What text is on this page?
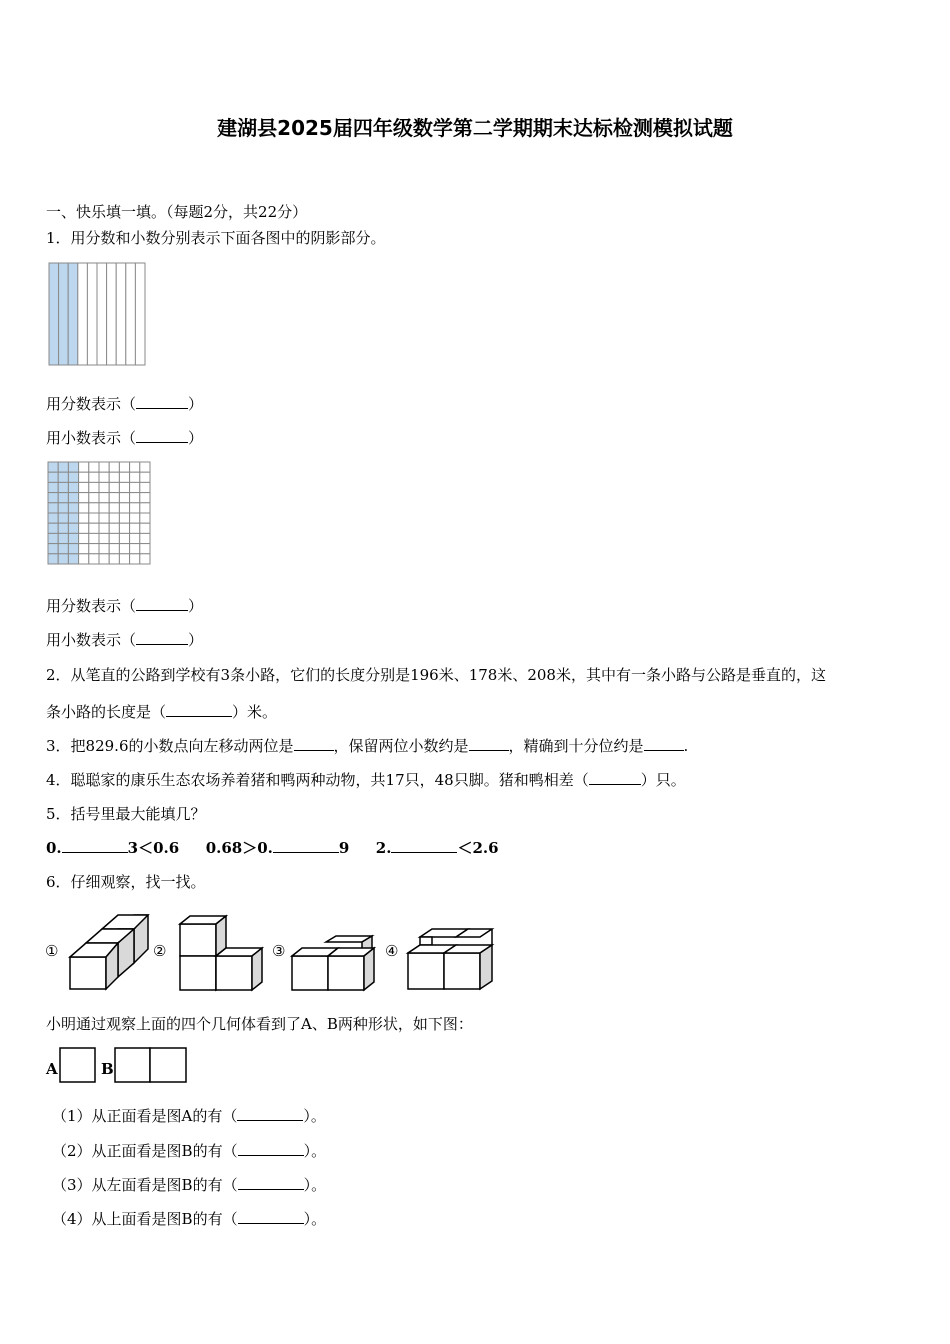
建湖县2025届四年级数学第二学期期末达标检测模拟试题
一、快乐填一填。（每题2分，共22分）
1．用分数和小数分别表示下面各图中的阴影部分。
用分数表示（	）
用小数表示（	）
用分数表示（	）
用小数表示（	）
2．从笔直的公路到学校有3条小路，它们的长度分别是196米、178米、208米，其中有一条小路与公路是垂直的，这
条小路的长度是（	）米。
3．把829.6的小数点向左移动两位是	，保留两位小数约是	，精确到十分位约是	.
4．聪聪家的康乐生态农场养着猪和鸭两种动物，共17只，48只脚。猪和鸭相差（	）只。
5．括号里最大能填几？
0.	3＜0.6 0.68＞0.	9 2.	＜2.6
6．仔细观察，找一找。
①	②	③	④
小明通过观察上面的四个几何体看到了A、B两种形状，如下图：
A	B
（1）从正面看是图A的有（	）。
（2）从正面看是图B的有（	）。
（3）从左面看是图B的有（	）。
（4）从上面看是图B的有（	）。
